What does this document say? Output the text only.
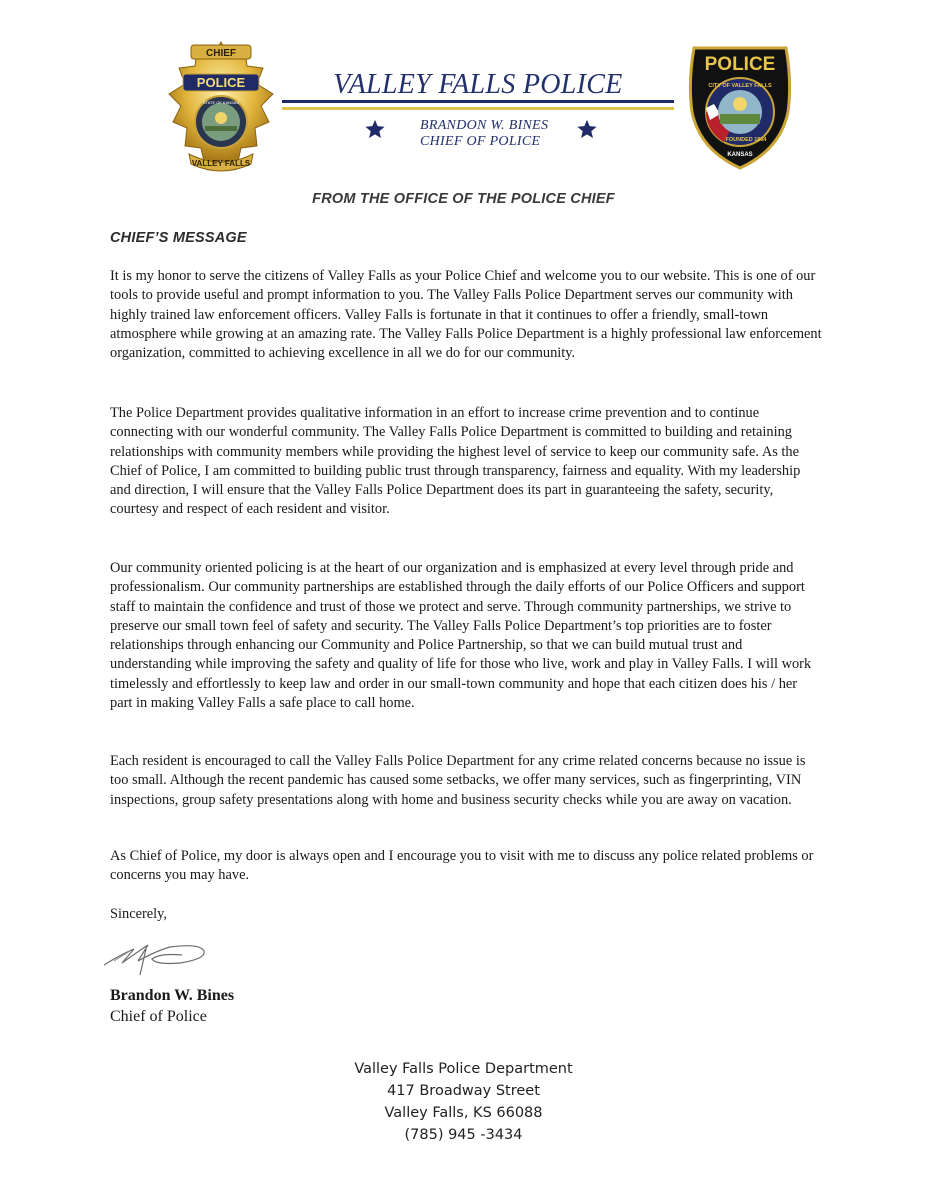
CHIEF
POLICE
STATE OF KANSAS
VALLEY FALLS
VALLEY FALLS POLICE
BRANDON W. BINES
CHIEF OF POLICE
POLICE
CITY OF VALLEY FALLS
FOUNDED 1854
KANSAS
FROM THE OFFICE OF THE POLICE CHIEF
CHIEF’S MESSAGE

It is my honor to serve the citizens of Valley Falls as your Police Chief and welcome you to our website. This is one of our tools to provide useful and prompt information to you. The Valley Falls Police Department serves our community with highly trained law enforcement officers. Valley Falls is fortunate in that it continues to offer a friendly, small-town atmosphere while growing at an amazing rate. The Valley Falls Police Department is a highly professional law enforcement organization, committed to achieving excellence in all we do for our community.

The Police Department provides qualitative information in an effort to increase crime prevention and to continue connecting with our wonderful community. The Valley Falls Police Department is committed to building and retaining relationships with community members while providing the highest level of service to keep our community safe. As the Chief of Police, I am committed to building public trust through transparency, fairness and equality. With my leadership and direction, I will ensure that the Valley Falls Police Department does its part in guaranteeing the safety, security, courtesy and respect of each resident and visitor.

Our community oriented policing is at the heart of our organization and is emphasized at every level through pride and professionalism. Our community partnerships are established through the daily efforts of our Police Officers and support staff to maintain the confidence and trust of those we protect and serve. Through community partnerships, we strive to preserve our small town feel of safety and security. The Valley Falls Police Department’s top priorities are to foster relationships through enhancing our Community and Police Partnership, so that we can build mutual trust and understanding while improving the safety and quality of life for those who live, work and play in Valley Falls. I will work timelessly and effortlessly to keep law and order in our small-town community and hope that each citizen does his / her part in making Valley Falls a safe place to call home.

Each resident is encouraged to call the Valley Falls Police Department for any crime related concerns because no issue is too small. Although the recent pandemic has caused some setbacks, we offer many services, such as fingerprinting, VIN inspections, group safety presentations along with home and business security checks while you are away on vacation.

As Chief of Police, my door is always open and I encourage you to visit with me to discuss any police related problems or concerns you may have.

Sincerely,

Brandon W. Bines

Chief of Police

Valley Falls Police Department
417 Broadway Street
Valley Falls, KS 66088
(785) 945 -3434
